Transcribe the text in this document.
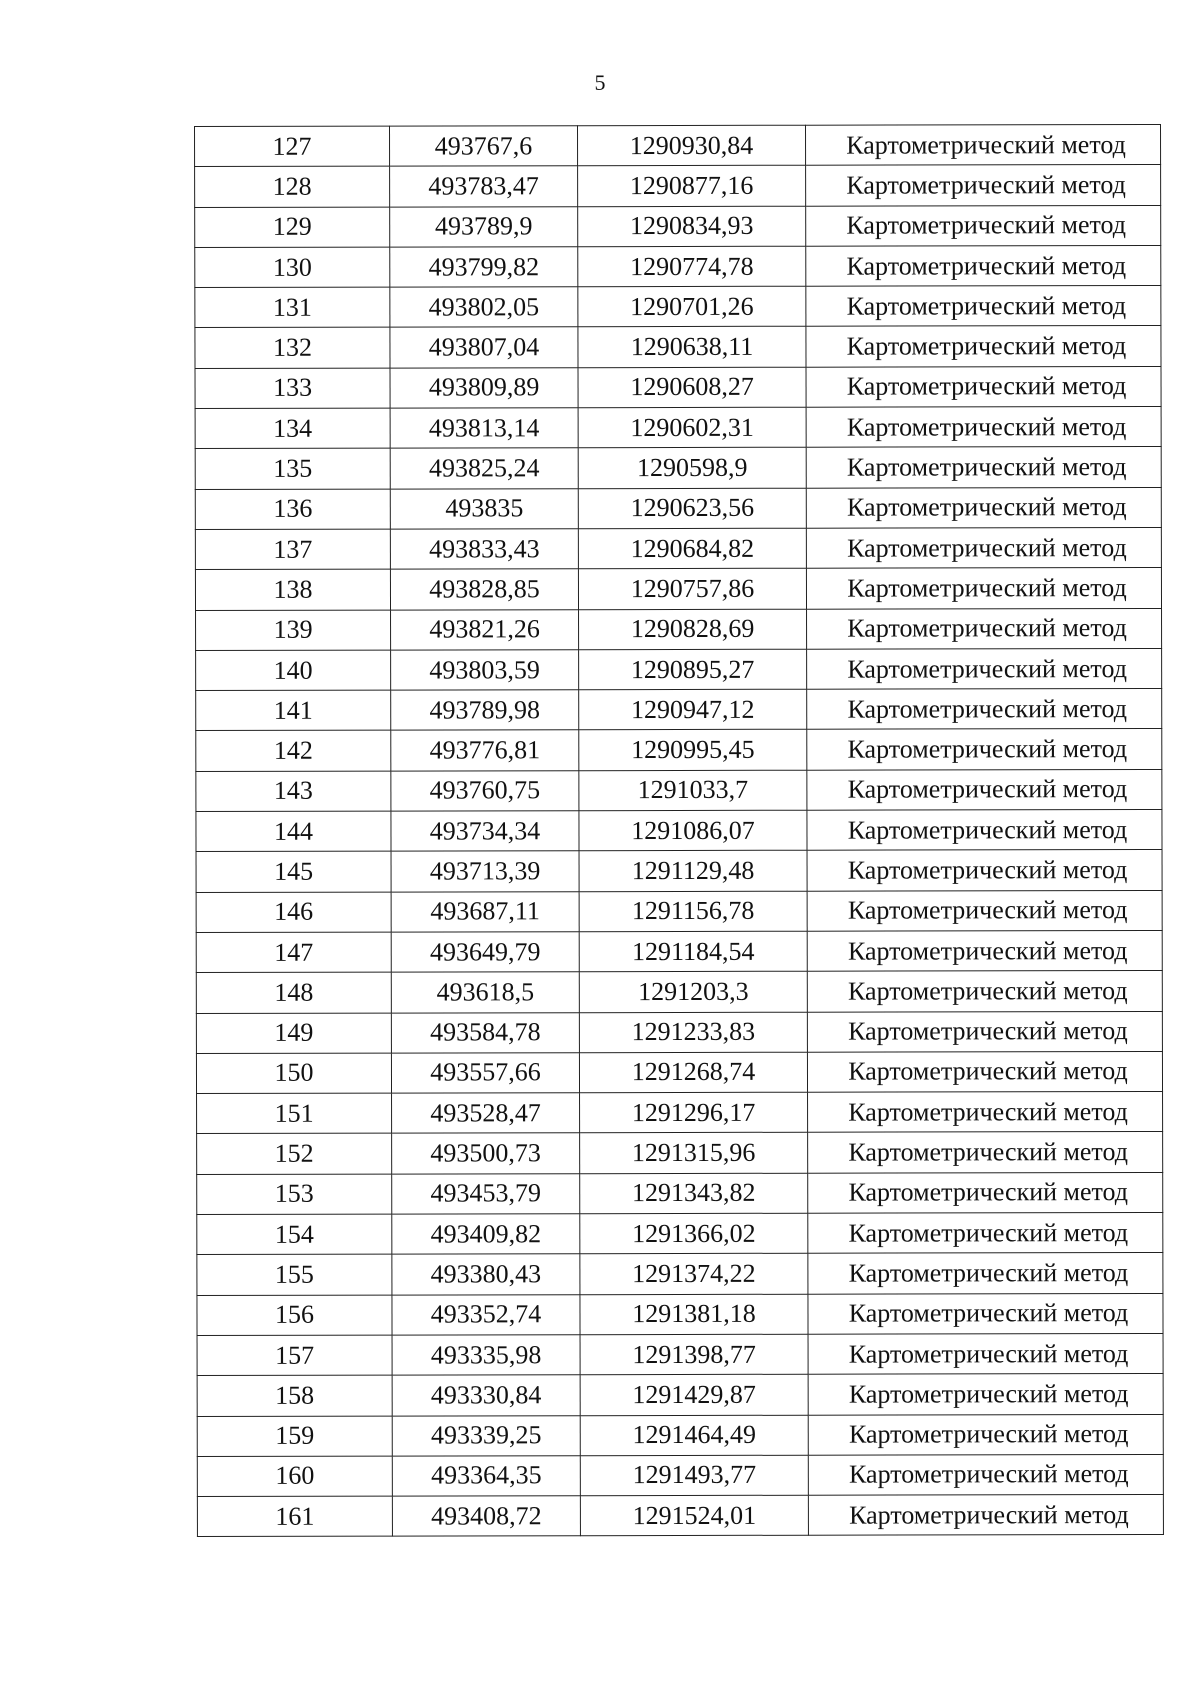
5
127	493767,6	1290930,84	Картометрический метод
128	493783,47	1290877,16	Картометрический метод
129	493789,9	1290834,93	Картометрический метод
130	493799,82	1290774,78	Картометрический метод
131	493802,05	1290701,26	Картометрический метод
132	493807,04	1290638,11	Картометрический метод
133	493809,89	1290608,27	Картометрический метод
134	493813,14	1290602,31	Картометрический метод
135	493825,24	1290598,9	Картометрический метод
136	493835	1290623,56	Картометрический метод
137	493833,43	1290684,82	Картометрический метод
138	493828,85	1290757,86	Картометрический метод
139	493821,26	1290828,69	Картометрический метод
140	493803,59	1290895,27	Картометрический метод
141	493789,98	1290947,12	Картометрический метод
142	493776,81	1290995,45	Картометрический метод
143	493760,75	1291033,7	Картометрический метод
144	493734,34	1291086,07	Картометрический метод
145	493713,39	1291129,48	Картометрический метод
146	493687,11	1291156,78	Картометрический метод
147	493649,79	1291184,54	Картометрический метод
148	493618,5	1291203,3	Картометрический метод
149	493584,78	1291233,83	Картометрический метод
150	493557,66	1291268,74	Картометрический метод
151	493528,47	1291296,17	Картометрический метод
152	493500,73	1291315,96	Картометрический метод
153	493453,79	1291343,82	Картометрический метод
154	493409,82	1291366,02	Картометрический метод
155	493380,43	1291374,22	Картометрический метод
156	493352,74	1291381,18	Картометрический метод
157	493335,98	1291398,77	Картометрический метод
158	493330,84	1291429,87	Картометрический метод
159	493339,25	1291464,49	Картометрический метод
160	493364,35	1291493,77	Картометрический метод
161	493408,72	1291524,01	Картометрический метод
